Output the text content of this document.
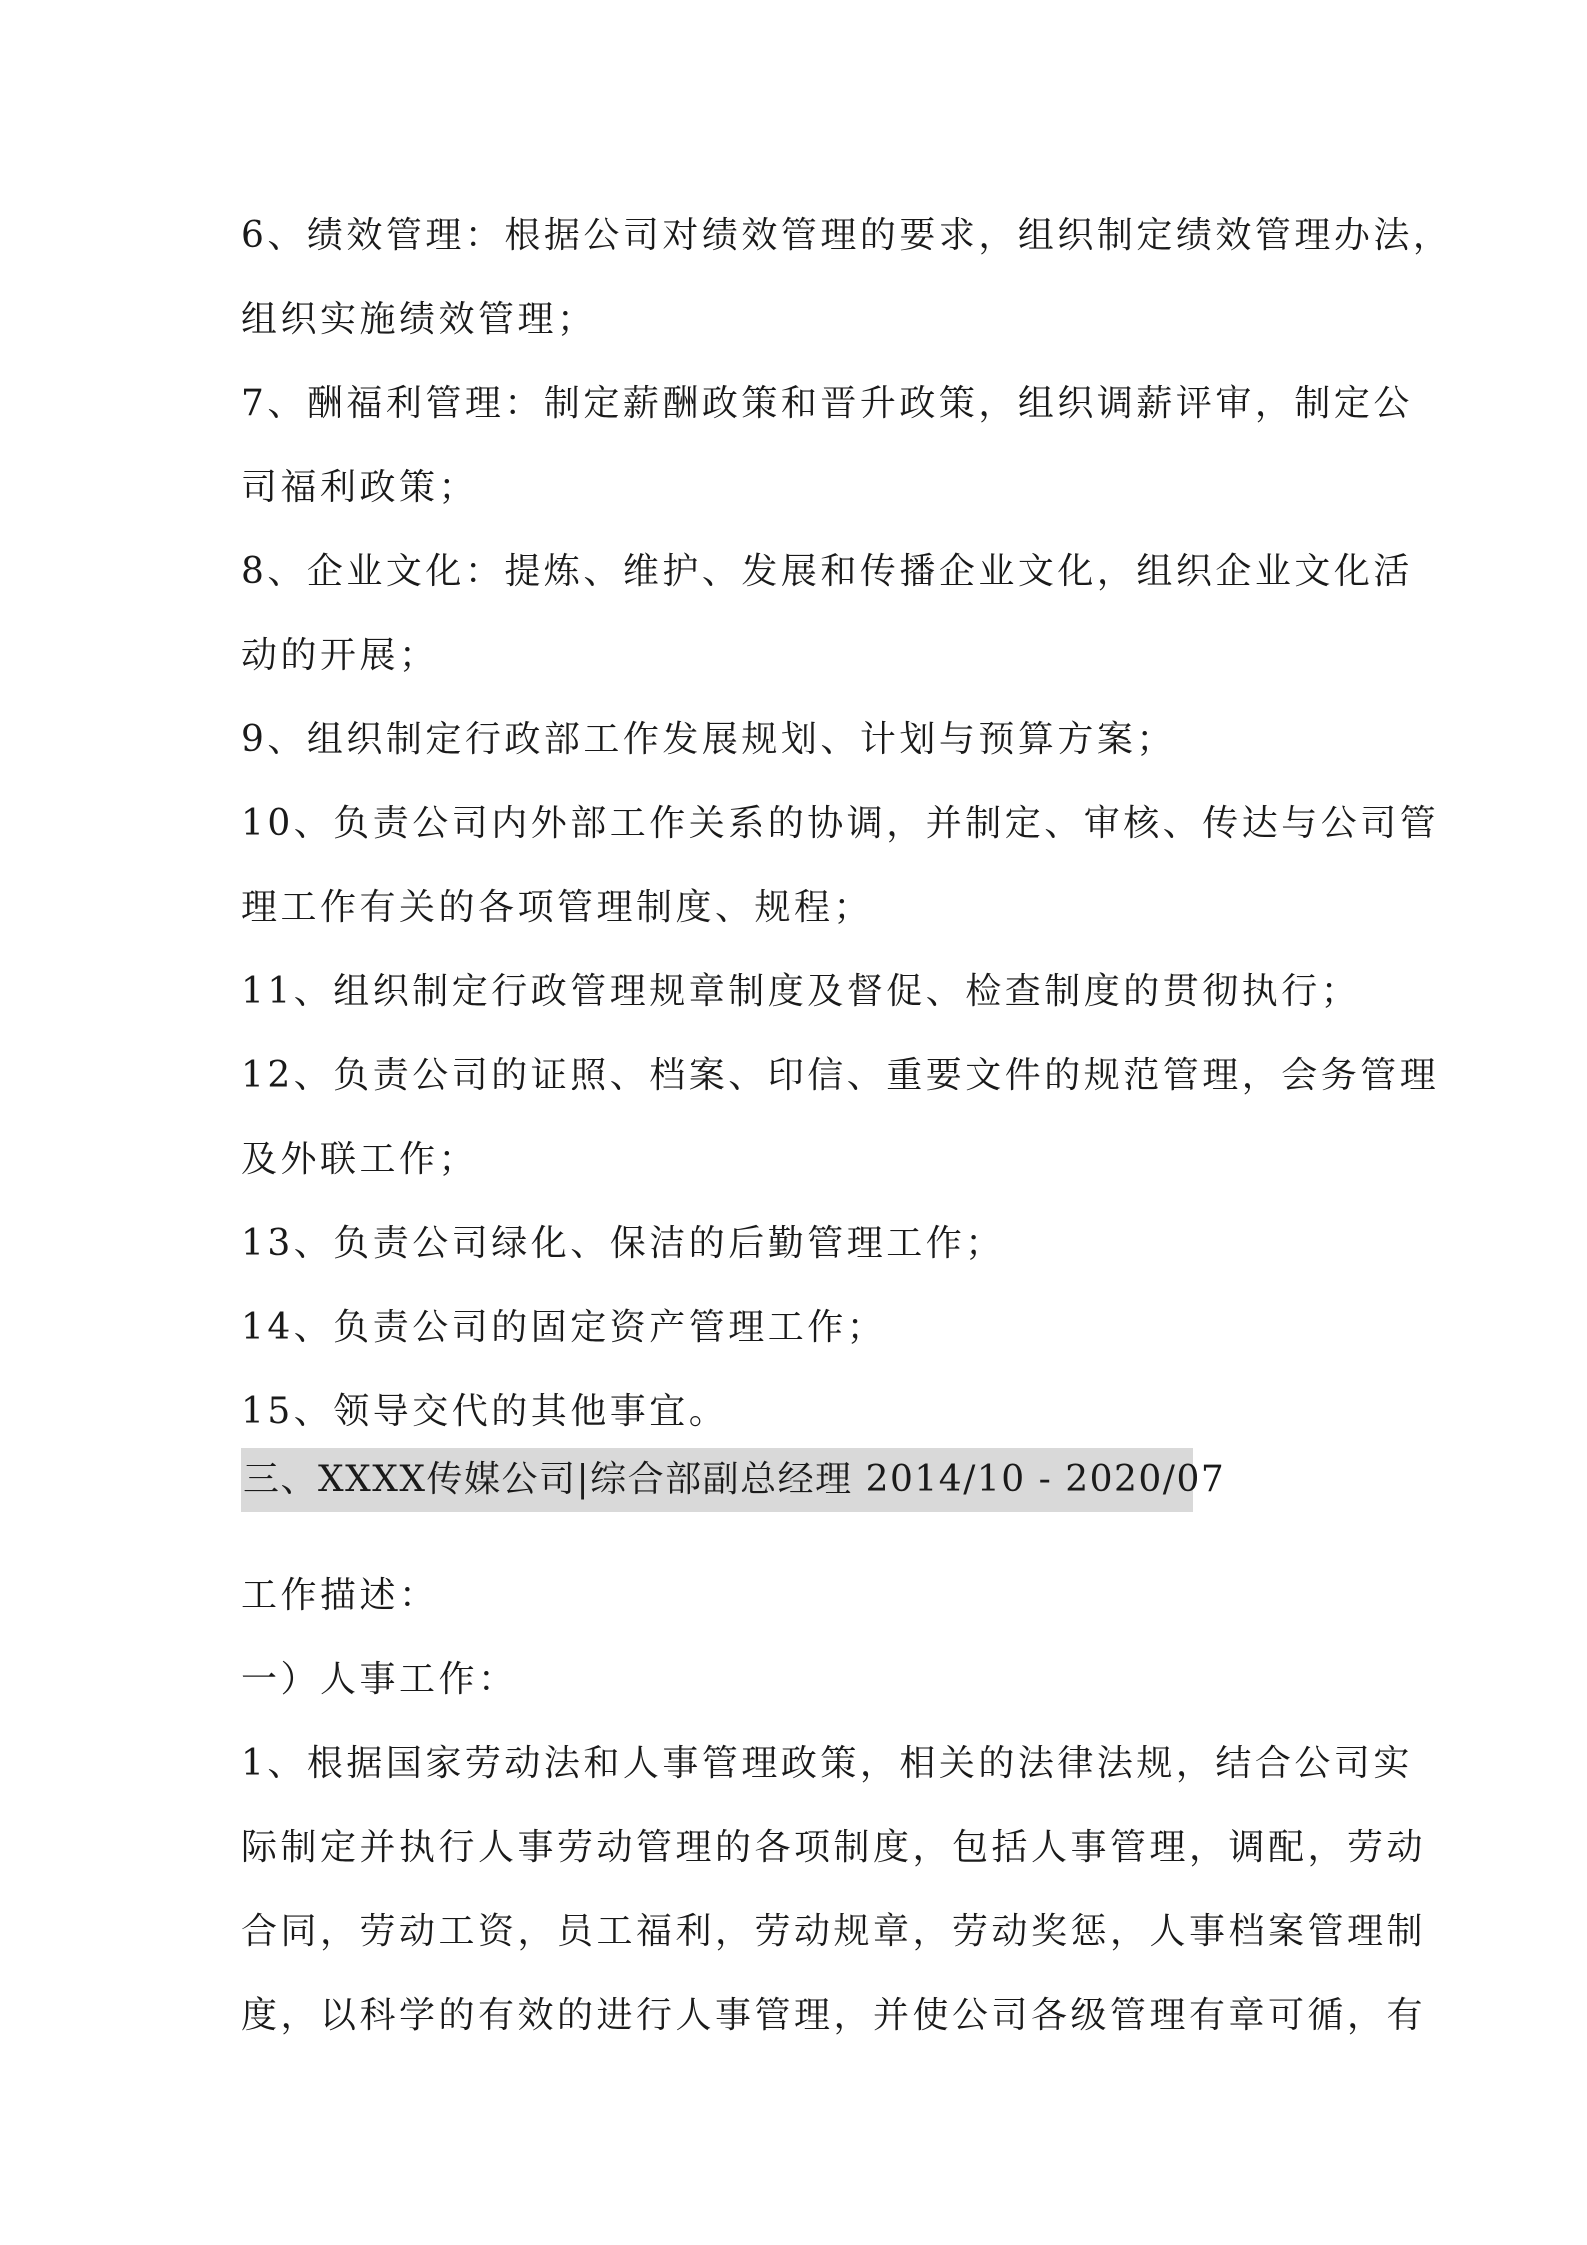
6、绩效管理：根据公司对绩效管理的要求，组织制定绩效管理办法，
组织实施绩效管理；
7、酬福利管理：制定薪酬政策和晋升政策，组织调薪评审，制定公
司福利政策；
8、企业文化：提炼、维护、发展和传播企业文化，组织企业文化活
动的开展；
9、组织制定行政部工作发展规划、计划与预算方案；
10、负责公司内外部工作关系的协调，并制定、审核、传达与公司管
理工作有关的各项管理制度、规程；
11、组织制定行政管理规章制度及督促、检查制度的贯彻执行；
12、负责公司的证照、档案、印信、重要文件的规范管理，会务管理
及外联工作；
13、负责公司绿化、保洁的后勤管理工作；
14、负责公司的固定资产管理工作；
15、领导交代的其他事宜。
三、XXXX传媒公司|综合部副总经理 2014/10 - 2020/07
工作描述：
一）人事工作：
1、根据国家劳动法和人事管理政策，相关的法律法规，结合公司实
际制定并执行人事劳动管理的各项制度，包括人事管理，调配，劳动
合同，劳动工资，员工福利，劳动规章，劳动奖惩，人事档案管理制
度，以科学的有效的进行人事管理，并使公司各级管理有章可循，有
